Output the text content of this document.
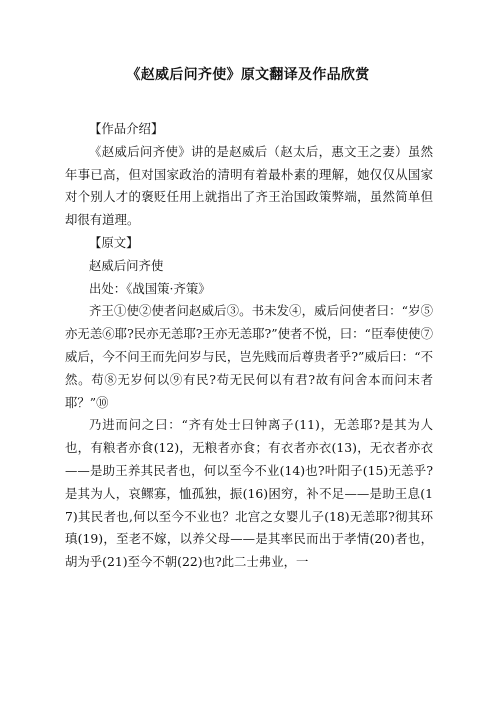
《赵威后问齐使》原文翻译及作品欣赏

【作品介绍】

《赵威后问齐使》讲的是赵威后（赵太后，惠文王之妻）虽然年事已高，但对国家政治的清明有着最朴素的理解，她仅仅从国家对个别人才的褒贬任用上就指出了齐王治国政策弊端，虽然简单但却很有道理。

【原文】

赵威后问齐使

出处：《战国策·齐策》

齐王①使②使者问赵威后③。书未发④，威后问使者曰：“岁⑤亦无恙⑥耶?民亦无恙耶?王亦无恙耶?”使者不悦，曰：“臣奉使使⑦威后，今不问王而先问岁与民，岂先贱而后尊贵者乎?”威后曰：“不然。苟⑧无岁何以⑨有民?苟无民何以有君?故有问舍本而问末者耶？”⑩

乃进而问之曰：“齐有处士曰钟离子(11)，无恙耶?是其为人也，有粮者亦食(12)，无粮者亦食；有衣者亦衣(13)，无衣者亦衣——是助王养其民者也，何以至今不业(14)也?叶阳子(15)无恙乎?是其为人，哀鳏寡，恤孤独，振(16)困穷，补不足——是助王息(17)其民者也,何以至今不业也？北宫之女婴儿子(18)无恙耶?彻其环瑱(19)，至老不嫁，以养父母——是其率民而出于孝情(20)者也，胡为乎(21)至今不朝(22)也?此二士弗业，一
